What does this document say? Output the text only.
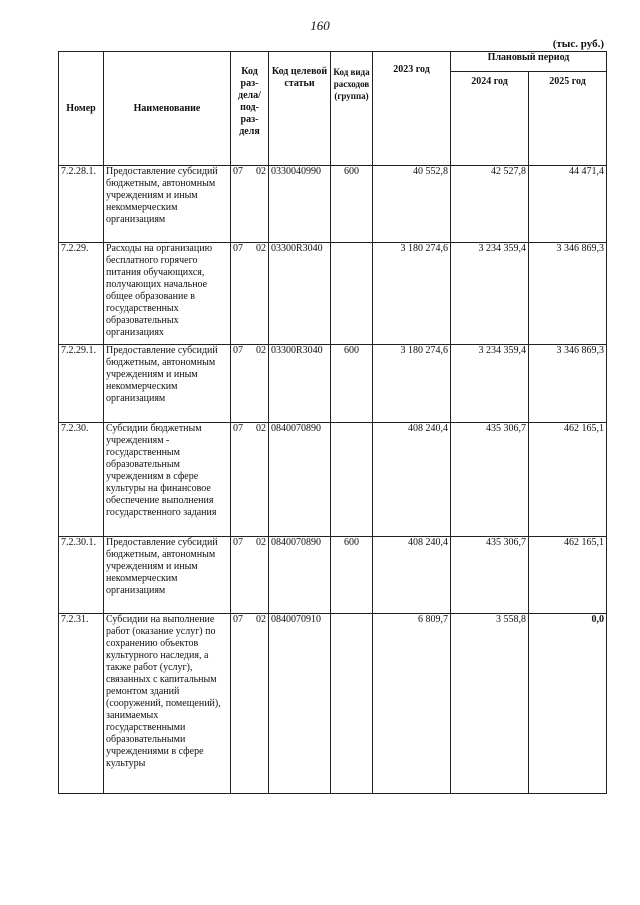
160
(тыс. руб.)
Номер	Наименование	Код раз-дела/ под-раз-деля	Код целевой статьи	Код вида расходов (группа)	2023 год	Плановый период	
						2024 год	2025 год
7.2.28.1.	Предоставление субсидий бюджетным, автономным учреждениям и иным некоммерческим организациям	07 02	0330040990	600	40 552,8	42 527,8	44 471,4
7.2.29.	Расходы на организацию бесплатного горячего питания обучающихся, получающих начальное общее образование в государственных образовательных организациях	07 02	03300R3040		3 180 274,6	3 234 359,4	3 346 869,3
7.2.29.1.	Предоставление субсидий бюджетным, автономным учреждениям и иным некоммерческим организациям	07 02	03300R3040	600	3 180 274,6	3 234 359,4	3 346 869,3
7.2.30.	Субсидии бюджетным учреждениям - государственным образовательным учреждениям в сфере культуры на финансовое обеспечение выполнения государственного задания	07 02	0840070890		408 240,4	435 306,7	462 165,1
7.2.30.1.	Предоставление субсидий бюджетным, автономным учреждениям и иным некоммерческим организациям	07 02	0840070890	600	408 240,4	435 306,7	462 165,1
7.2.31.	Субсидии на выполнение работ (оказание услуг) по сохранению объектов культурного наследия, а также работ (услуг), связанных с капитальным ремонтом зданий (сооружений, помещений), занимаемых государственными образовательными учреждениями в сфере культуры	07 02	0840070910		6 809,7	3 558,8	0,0
